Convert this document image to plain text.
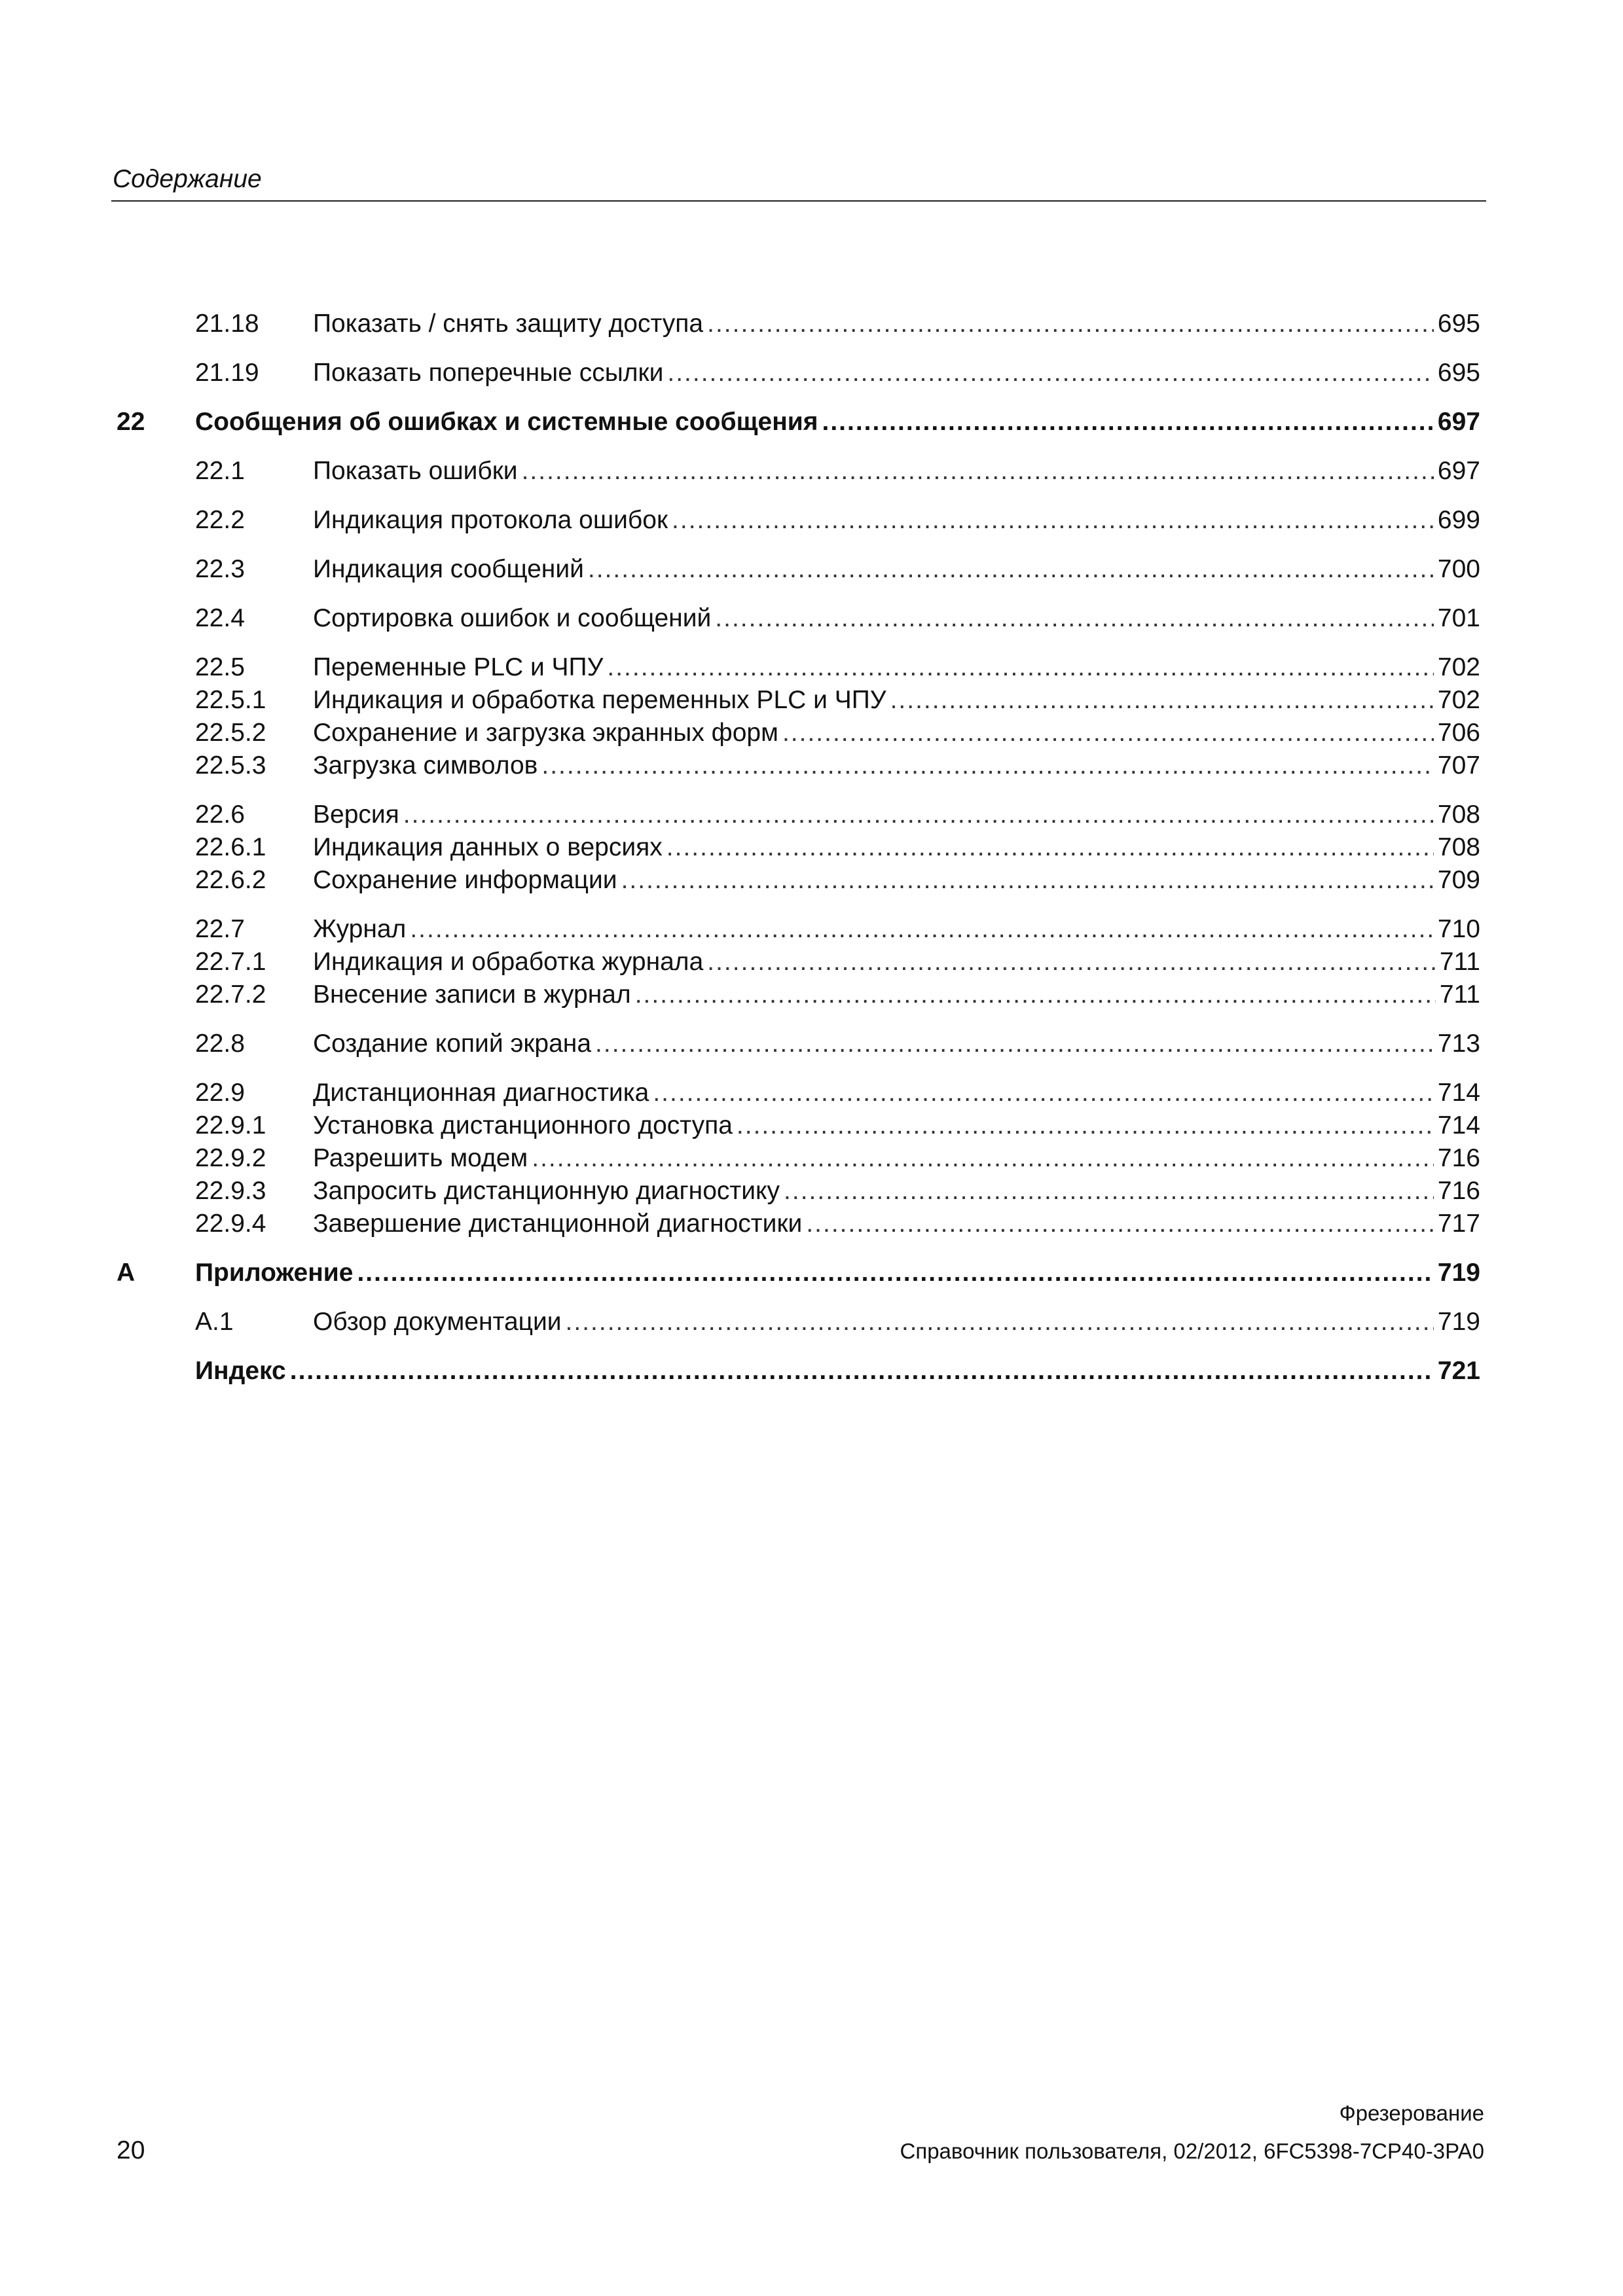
Содержание
21.18 Показать / снять защиту доступа .....	695
21.19 Показать поперечные ссылки .....	695
22 Сообщения об ошибках и системные сообщения .....	697
22.1	Показать ошибки .....	697
22.2	Индикация протокола ошибок .....	699
22.3	Индикация сообщений .....	700
22.4	Сортировка ошибок и сообщений .....	701
22.5	Переменные PLC и ЧПУ .....	702
22.5.1 Индикация и обработка переменных PLC и ЧПУ .....	702
22.5.2 Сохранение и загрузка экранных форм .....	706
22.5.3 Загрузка символов .....	707
22.6	Версия .....	708
22.6.1 Индикация данных о версиях .....	708
22.6.2 Сохранение информации .....	709
22.7	Журнал .....	710
22.7.1 Индикация и обработка журнала .....	711
22.7.2 Внесение записи в журнал .....	711
22.8	Создание копий экрана .....	713
22.9	Дистанционная диагностика .....	714
22.9.1 Установка дистанционного доступа .....	714
22.9.2 Разрешить модем .....	716
22.9.3 Запросить дистанционную диагностику .....	716
22.9.4 Завершение дистанционной диагностики .....	717
A Приложение .....	719
A.1	Обзор документации .....	719
Индекс .....	721
Фрезерование
Справочник пользователя, 02/2012, 6FC5398-7CP40-3PA0
20
